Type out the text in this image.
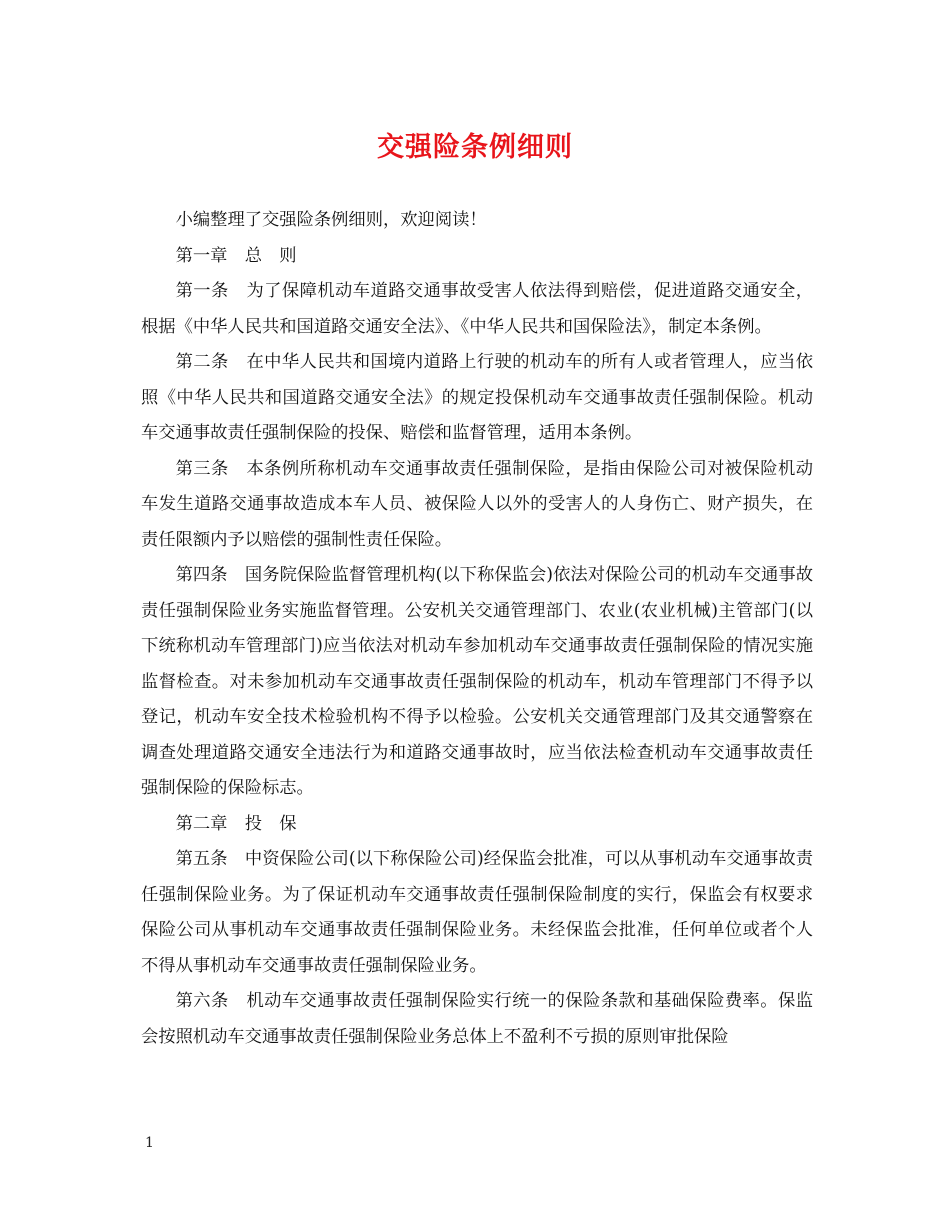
交强险条例细则

小编整理了交强险条例细则，欢迎阅读！

第一章　总　则

第一条　为了保障机动车道路交通事故受害人依法得到赔偿，促进道路交通安全，根据《中华人民共和国道路交通安全法》、《中华人民共和国保险法》，制定本条例。

第二条　在中华人民共和国境内道路上行驶的机动车的所有人或者管理人，应当依照《中华人民共和国道路交通安全法》的规定投保机动车交通事故责任强制保险。机动车交通事故责任强制保险的投保、赔偿和监督管理，适用本条例。

第三条　本条例所称机动车交通事故责任强制保险，是指由保险公司对被保险机动车发生道路交通事故造成本车人员、被保险人以外的受害人的人身伤亡、财产损失，在责任限额内予以赔偿的强制性责任保险。

第四条　国务院保险监督管理机构(以下称保监会)依法对保险公司的机动车交通事故责任强制保险业务实施监督管理。公安机关交通管理部门、农业(农业机械)主管部门(以下统称机动车管理部门)应当依法对机动车参加机动车交通事故责任强制保险的情况实施监督检查。对未参加机动车交通事故责任强制保险的机动车，机动车管理部门不得予以登记，机动车安全技术检验机构不得予以检验。公安机关交通管理部门及其交通警察在调查处理道路交通安全违法行为和道路交通事故时，应当依法检查机动车交通事故责任强制保险的保险标志。

第二章　投　保

第五条　中资保险公司(以下称保险公司)经保监会批准，可以从事机动车交通事故责任强制保险业务。为了保证机动车交通事故责任强制保险制度的实行，保监会有权要求保险公司从事机动车交通事故责任强制保险业务。未经保监会批准，任何单位或者个人不得从事机动车交通事故责任强制保险业务。

第六条　机动车交通事故责任强制保险实行统一的保险条款和基础保险费率。保监会按照机动车交通事故责任强制保险业务总体上不盈利不亏损的原则审批保险

1
